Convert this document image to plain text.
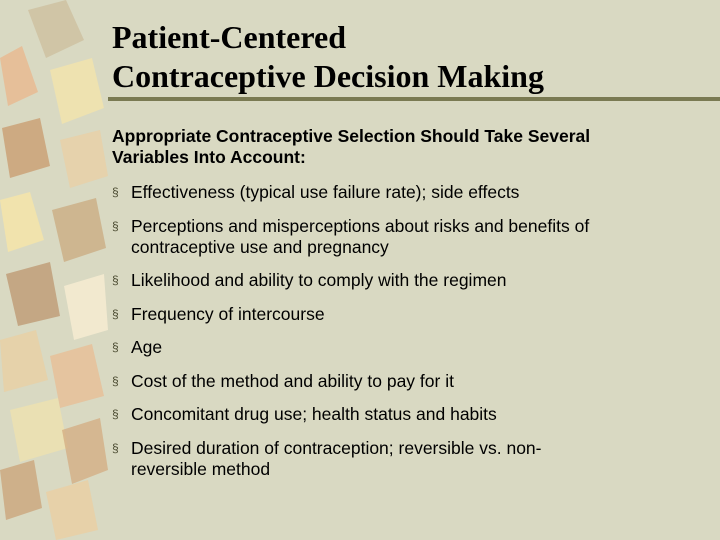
Patient-Centered
Contraceptive Decision Making
Appropriate Contraceptive Selection Should Take Several
Variables Into Account:
§ Effectiveness (typical use failure rate); side effects
§ Perceptions and misperceptions about risks and benefits of
contraceptive use and pregnancy
§ Likelihood and ability to comply with the regimen
§ Frequency of intercourse
§ Age
§ Cost of the method and ability to pay for it
§ Concomitant drug use; health status and habits
§ Desired duration of contraception; reversible vs. non-
reversible method
